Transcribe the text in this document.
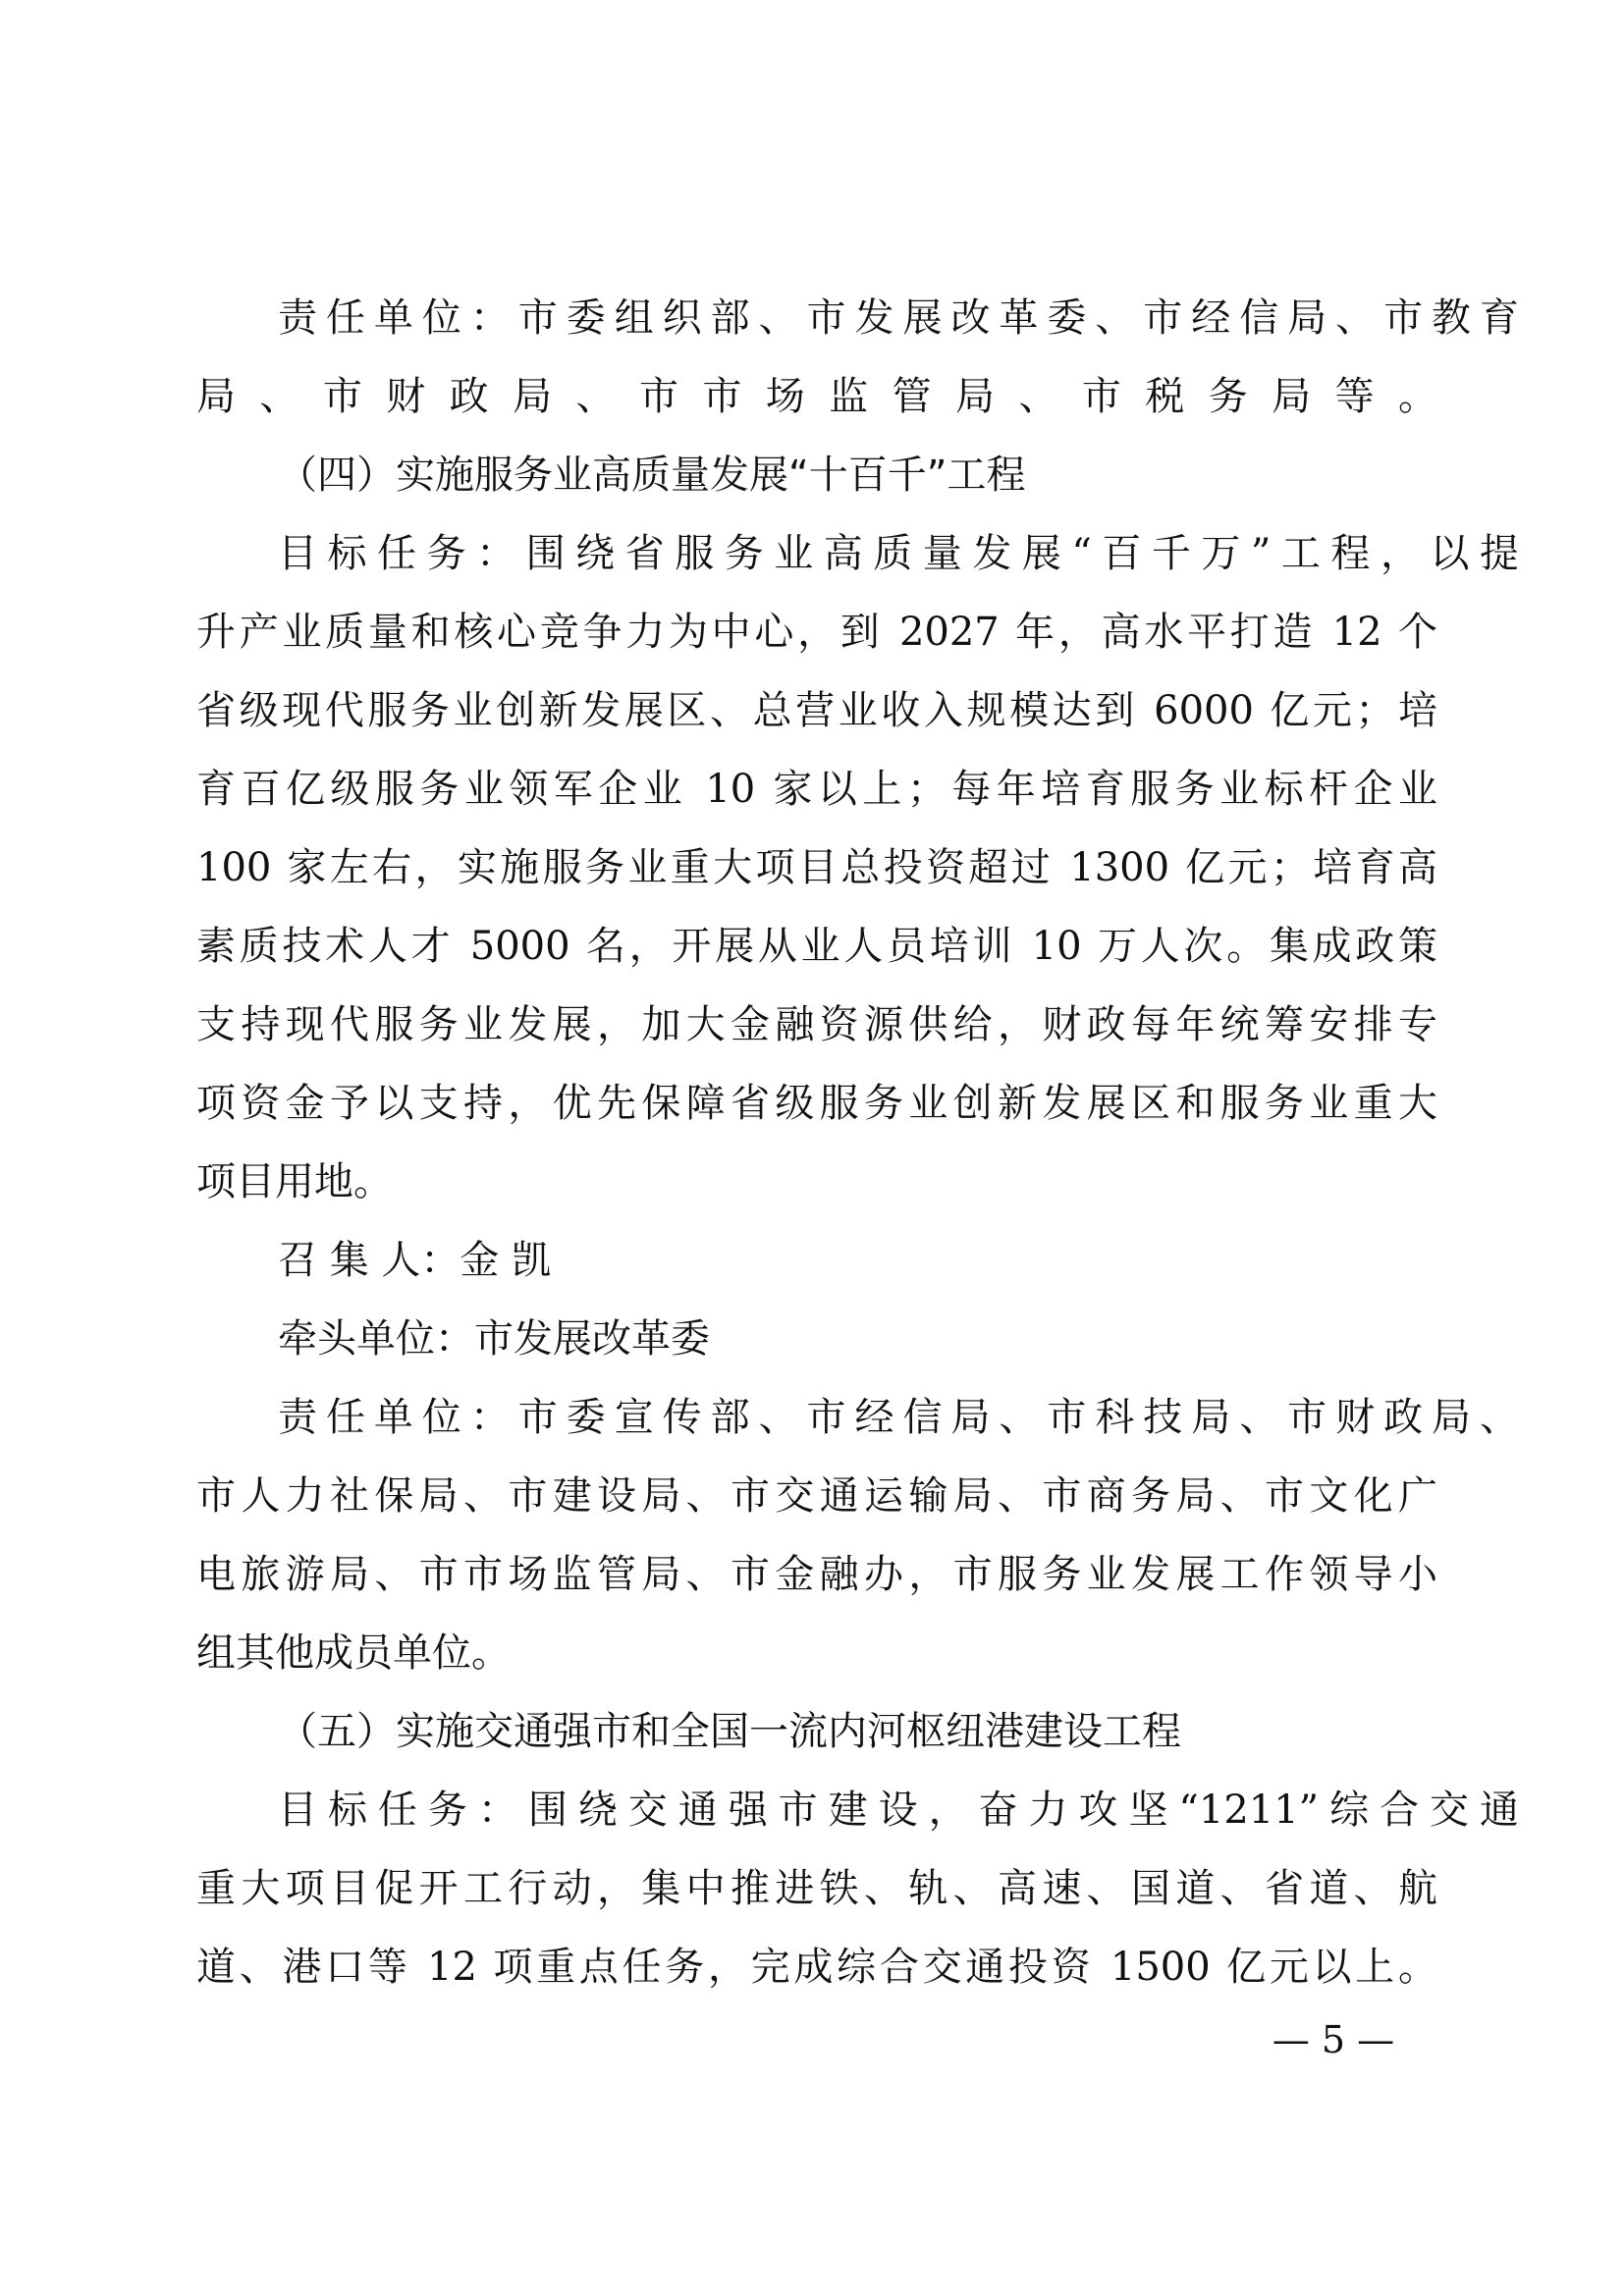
责任单位：市委组织部、市发展改革委、市经信局、市教育
局、市财政局、市市场监管局、市税务局等。
（四）实施服务业高质量发展“十百千”工程
目标任务：围绕省服务业高质量发展“百千万”工程，以提
升产业质量和核心竞争力为中心，到 2027 年，高水平打造 12 个
省级现代服务业创新发展区、总营业收入规模达到 6000 亿元；培
育百亿级服务业领军企业 10 家以上；每年培育服务业标杆企业
100 家左右，实施服务业重大项目总投资超过 1300 亿元；培育高
素质技术人才 5000 名，开展从业人员培训 10 万人次。集成政策
支持现代服务业发展，加大金融资源供给，财政每年统筹安排专
项资金予以支持，优先保障省级服务业创新发展区和服务业重大
项目用地。
召 集 人：金 凯
牵头单位：市发展改革委
责任单位：市委宣传部、市经信局、市科技局、市财政局、
市人力社保局、市建设局、市交通运输局、市商务局、市文化广
电旅游局、市市场监管局、市金融办，市服务业发展工作领导小
组其他成员单位。
（五）实施交通强市和全国一流内河枢纽港建设工程
目标任务：围绕交通强市建设，奋力攻坚“1211”综合交通
重大项目促开工行动，集中推进铁、轨、高速、国道、省道、航
道、港口等 12 项重点任务，完成综合交通投资 1500 亿元以上。
— 5 —
